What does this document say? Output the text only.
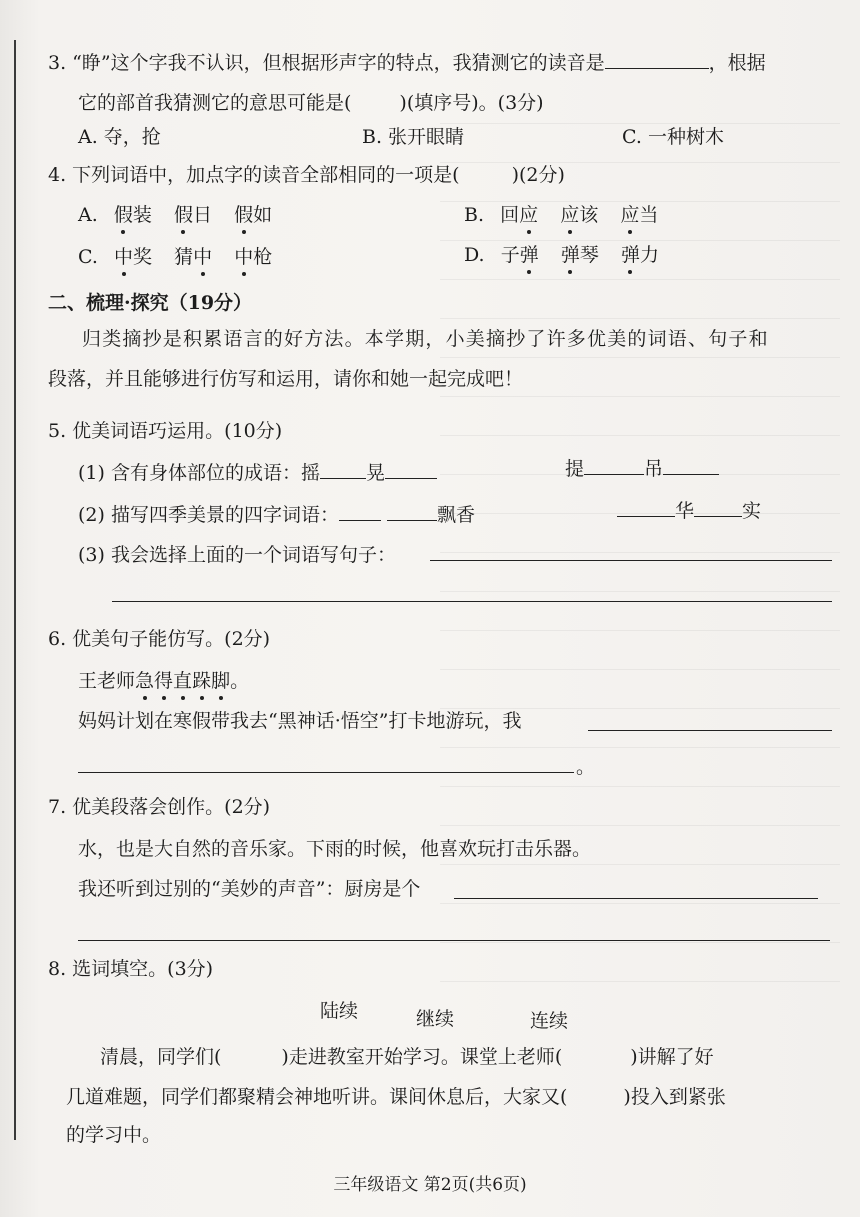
3. “睁”这个字我不认识，但根据形声字的特点，我猜测它的读音是	，根据
它的部首我猜测它的意思可能是(	)(填序号)。(3分)
A. 夺，抢	B. 张开眼睛	C. 一种树木
4. 下列词语中，加点字的读音全部相同的一项是(	)(2分)
A. 假装 假日 假如	B. 回应 应该 应当
C. 中奖 猜中 中枪	D. 子弹 弹琴 弹力
二、梳理·探究（19分）
归类摘抄是积累语言的好方法。本学期，小美摘抄了许多优美的词语、句子和
段落，并且能够进行仿写和运用，请你和她一起完成吧！
5. 优美词语巧运用。(10分)
(1) 含有身体部位的成语：摇 晃	提	吊
(2) 描写四季美景的四字词语：	飘香	华	实
(3) 我会选择上面的一个词语写句子：
6. 优美句子能仿写。(2分)
王老师急得直跺脚。
妈妈计划在寒假带我去“黑神话·悟空”打卡地游玩，我
。
7. 优美段落会创作。(2分)
水，也是大自然的音乐家。下雨的时候，他喜欢玩打击乐器。
我还听到过别的“美妙的声音”：厨房是个
8. 选词填空。(3分)
陆续	继续	连续
清晨，同学们(	)走进教室开始学习。课堂上老师(	)讲解了好
几道难题，同学们都聚精会神地听讲。课间休息后，大家又(	)投入到紧张
的学习中。
三年级语文 第2页(共6页)
